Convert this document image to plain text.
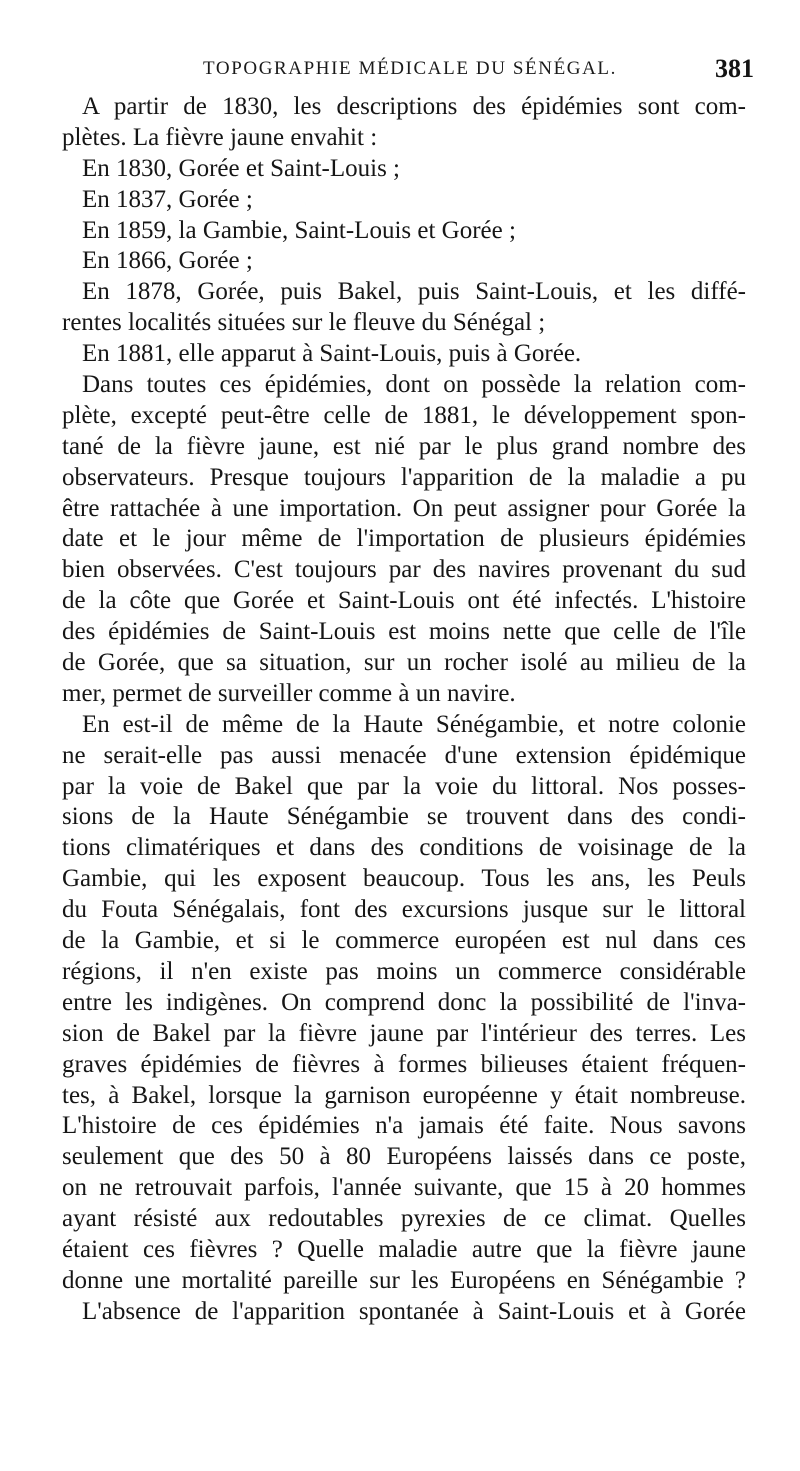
TOPOGRAPHIE MÉDICALE DU SÉNÉGAL.	381
A partir de 1830, les descriptions des épidémies sont com-
plètes. La fièvre jaune envahit :
En 1830, Gorée et Saint-Louis ;
En 1837, Gorée ;
En 1859, la Gambie, Saint-Louis et Gorée ;
En 1866, Gorée ;
En 1878, Gorée, puis Bakel, puis Saint-Louis, et les diffé-
rentes localités situées sur le fleuve du Sénégal ;
En 1881, elle apparut à Saint-Louis, puis à Gorée.
Dans toutes ces épidémies, dont on possède la relation com-
plète, excepté peut-être celle de 1881, le développement spon-
tané de la fièvre jaune, est nié par le plus grand nombre des
observateurs. Presque toujours l'apparition de la maladie a pu
être rattachée à une importation. On peut assigner pour Gorée la
date et le jour même de l'importation de plusieurs épidémies
bien observées. C'est toujours par des navires provenant du sud
de la côte que Gorée et Saint-Louis ont été infectés. L'histoire
des épidémies de Saint-Louis est moins nette que celle de l'île
de Gorée, que sa situation, sur un rocher isolé au milieu de la
mer, permet de surveiller comme à un navire.
En est-il de même de la Haute Sénégambie, et notre colonie
ne serait-elle pas aussi menacée d'une extension épidémique
par la voie de Bakel que par la voie du littoral. Nos posses-
sions de la Haute Sénégambie se trouvent dans des condi-
tions climatériques et dans des conditions de voisinage de la
Gambie, qui les exposent beaucoup. Tous les ans, les Peuls
du Fouta Sénégalais, font des excursions jusque sur le littoral
de la Gambie, et si le commerce européen est nul dans ces
régions, il n'en existe pas moins un commerce considérable
entre les indigènes. On comprend donc la possibilité de l'inva-
sion de Bakel par la fièvre jaune par l'intérieur des terres. Les
graves épidémies de fièvres à formes bilieuses étaient fréquen-
tes, à Bakel, lorsque la garnison européenne y était nombreuse.
L'histoire de ces épidémies n'a jamais été faite. Nous savons
seulement que des 50 à 80 Européens laissés dans ce poste,
on ne retrouvait parfois, l'année suivante, que 15 à 20 hommes
ayant résisté aux redoutables pyrexies de ce climat. Quelles
étaient ces fièvres ? Quelle maladie autre que la fièvre jaune
donne une mortalité pareille sur les Européens en Sénégambie ?
L'absence de l'apparition spontanée à Saint-Louis et à Gorée
